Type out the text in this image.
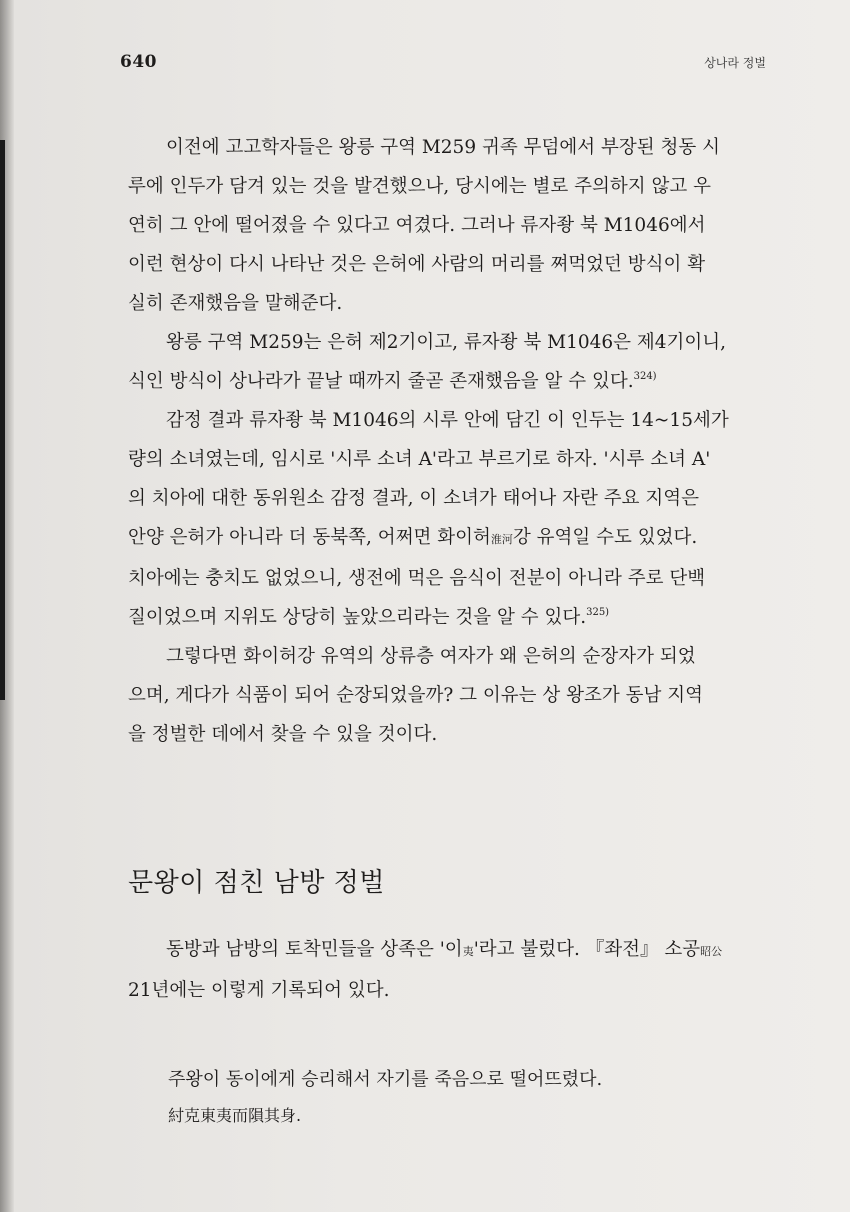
640	상나라 정벌

이전에 고고학자들은 왕릉 구역 M259 귀족 무덤에서 부장된 청동 시
루에 인두가 담겨 있는 것을 발견했으나, 당시에는 별로 주의하지 않고 우
연히 그 안에 떨어졌을 수 있다고 여겼다. 그러나 류자좡 북 M1046에서
이런 현상이 다시 나타난 것은 은허에 사람의 머리를 쪄먹었던 방식이 확
실히 존재했음을 말해준다.

왕릉 구역 M259는 은허 제2기이고, 류자좡 북 M1046은 제4기이니,
식인 방식이 상나라가 끝날 때까지 줄곧 존재했음을 알 수 있다.$^{324)}$

감정 결과 류자좡 북 M1046의 시루 안에 담긴 이 인두는 14~15세가
량의 소녀였는데, 임시로 '시루 소녀 A'라고 부르기로 하자. '시루 소녀 A'
의 치아에 대한 동위원소 감정 결과, 이 소녀가 태어나 자란 주요 지역은
안양 은허가 아니라 더 동북쪽, 어쩌면 화이허淮河강 유역일 수도 있었다.
치아에는 충치도 없었으니, 생전에 먹은 음식이 전분이 아니라 주로 단백
질이었으며 지위도 상당히 높았으리라는 것을 알 수 있다.$^{325)}$

그렇다면 화이허강 유역의 상류층 여자가 왜 은허의 순장자가 되었
으며, 게다가 식품이 되어 순장되었을까? 그 이유는 상 왕조가 동남 지역
을 정벌한 데에서 찾을 수 있을 것이다.

문왕이 점친 남방 정벌

동방과 남방의 토착민들을 상족은 '이夷'라고 불렀다. 『좌전』 소공昭公
21년에는 이렇게 기록되어 있다.

주왕이 동이에게 승리해서 자기를 죽음으로 떨어뜨렸다.
紂克東夷而隕其身.
